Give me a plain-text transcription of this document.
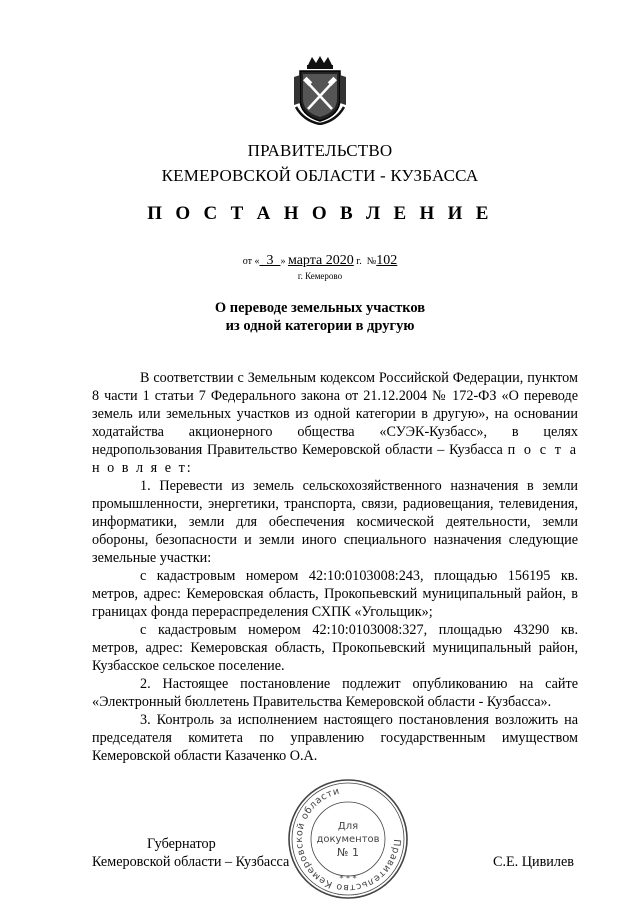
ПРАВИТЕЛЬСТВО
КЕМЕРОВСКОЙ ОБЛАСТИ - КУЗБАССА
П О С Т А Н О В Л Е Н И Е
от « 3 » марта 2020 г. №102
г. Кемерово
О переводе земельных участков
из одной категории в другую

В соответствии с Земельным кодексом Российской Федерации, пунктом 8 части 1 статьи 7 Федерального закона от 21.12.2004 № 172-ФЗ «О переводе земель или земельных участков из одной категории в другую», на основании ходатайства акционерного общества «СУЭК-Кузбасс», в целях недропользования Правительство Кемеровской области – Кузбасса п о с т а н о в л я е т:

1. Перевести из земель сельскохозяйственного назначения в земли промышленности, энергетики, транспорта, связи, радиовещания, телевидения, информатики, земли для обеспечения космической деятельности, земли обороны, безопасности и земли иного специального назначения следующие земельные участки:

с кадастровым номером 42:10:0103008:243, площадью 156195 кв. метров, адрес: Кемеровская область, Прокопьевский муниципальный район, в границах фонда перераспределения СХПК «Угольщик»;

с кадастровым номером 42:10:0103008:327, площадью 43290 кв. метров, адрес: Кемеровская область, Прокопьевский муниципальный район, Кузбасское сельское поселение.

2. Настоящее постановление подлежит опубликованию на сайте «Электронный бюллетень Правительства Кемеровской области - Кузбасса».

3. Контроль за исполнением настоящего постановления возложить на председателя комитета по управлению государственным имуществом Кемеровской области Казаченко О.А.

Губернатор
Кемеровской области – Кузбасса	С.Е. Цивилев
Правительство Кемеровской области
* * *
Для
документов
№ 1
